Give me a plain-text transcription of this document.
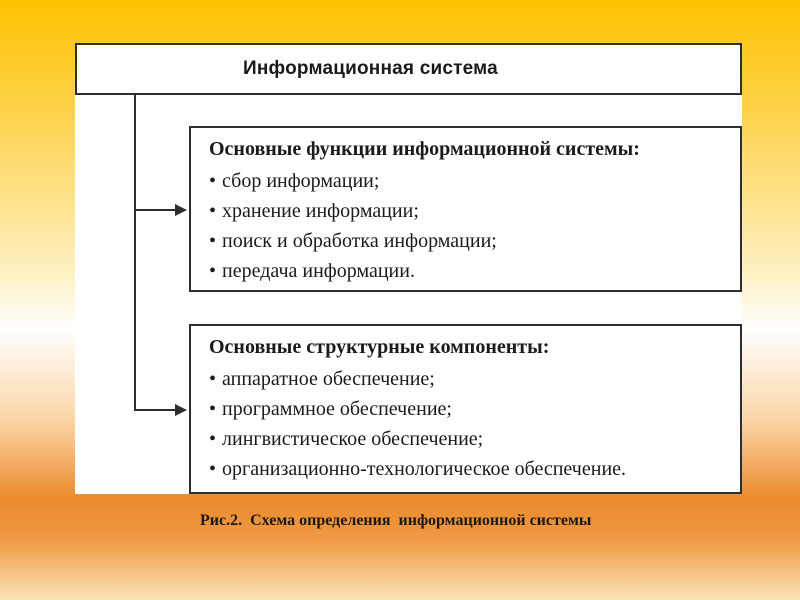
Информационная система
Основные функции информационной системы:
• сбор информации;
• хранение информации;
• поиск и обработка информации;
• передача информации.
Основные структурные компоненты:
• аппаратное обеспечение;
• программное обеспечение;
• лингвистическое обеспечение;
• организационно-технологическое обеспечение.
Рис.2.  Схема определения  информационной системы
